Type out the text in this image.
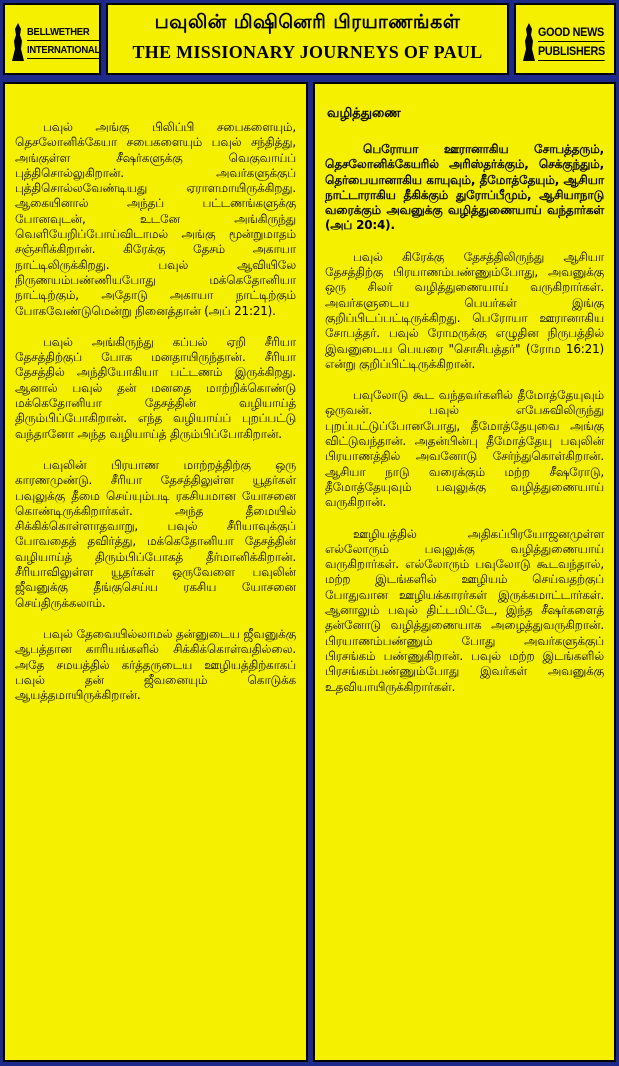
BELLWETHER
INTERNATIONAL
பவுலின் மிஷினெரி பிரயாணங்கள்
THE MISSIONARY JOURNEYS OF PAUL
GOOD NEWS
PUBLISHERS

பவுல் அங்கு பிலிப்பி சபைகளையும், தெசலோனிக்கேயா சபைகளையும் பவுல் சந்தித்து, அங்குள்ள சீஷர்களுக்கு வெகுவாய்ப் புத்திசொல்லுகிறான். அவர்களுக்குப் புத்திசொல்லவேண்டியது ஏராளமாயிருக்கிறது. ஆகையினால் அந்தப் பட்டணங்களுக்கு போனவுடன், உடனே அங்கிருந்து வெளியேறிப்போய்விடாமல் அங்கு மூன்றுமாதம் சஞ்சரிக்கிறான். கிரேக்கு தேசம் அகாயா நாட்டிலிருக்கிறது. பவுல் ஆவியிலே நிருணயம்பண்ணியபோது மக்கெதோனியா நாட்டிற்கும், அதோடு அகாயா நாட்டிற்கும் போகவேண்டுமென்று நினைத்தான் (அப் 21:21).

பவுல் அங்கிருந்து கப்பல் ஏறி சீரியா தேசத்திற்குப் போக மனதாயிருந்தான். சீரியா தேசத்தில் அந்தியோகியா பட்டணம் இருக்கிறது. ஆனால் பவுல் தன் மனதை மாற்றிக்கொண்டு மக்கெதோனியா தேசத்தின் வழியாய்த் திரும்பிப்போகிறான். எந்த வழியாய்ப் புறப்பட்டு வந்தானோ அந்த வழியாய்த் திரும்பிப்போகிறான்.

பவுலின் பிரயாண மாற்றத்திற்கு ஒரு காரணமுண்டு. சீரியா தேசத்திலுள்ள யூதர்கள் பவுலுக்கு தீமை செய்யும்படி ரகசியமான யோசனை கொண்டிருக்கிறார்கள். அந்த தீமையில் சிக்கிக்கொள்ளாதவாறு, பவுல் சீரியாவுக்குப் போவதைத் தவிர்த்து, மக்கெதோனியா தேசத்தின் வழியாய்த் திரும்பிப்போகத் தீர்மானிக்கிறான். சீரியாவிலுள்ள யூதர்கள் ஒருவேளை பவுலின் ஜீவனுக்கு தீங்குசெய்ய ரகசிய யோசனை செய்திருக்கலாம்.

பவுல் தேவையில்லாமல் தன்னுடைய ஜீவனுக்கு ஆபத்தான காரியங்களில் சிக்கிக்கொள்வதில்லை. அதே சமயத்தில் கர்த்தருடைய ஊழியத்திற்காகப் பவுல் தன் ஜீவனையும் கொடுக்க ஆயத்தமாயிருக்கிறான்.

வழித்துணை

பெரோயா ஊரானாகிய சோபத்தரும், தெசலோனிக்கேயரில் அரிஸ்தர்க்கும், செக்குந்தும், தெர்பையானாகிய காயுவும், தீமோத்தேயும், ஆசியா நாட்டாராகிய தீகிக்கும் துரோப்பீமும், ஆசியாநாடு வரைக்கும் அவனுக்கு வழித்துணையாய் வந்தார்கள் (அப் 20:4).

பவுல் கிரேக்கு தேசத்திலிருந்து ஆசியா தேசத்திற்கு பிரயாணம்பண்ணும்போது, அவனுக்கு ஒரு சிலர் வழித்துணையாய் வருகிறார்கள். அவர்களுடைய பெயர்கள் இங்கு குறிப்பிடப்பட்டிருக்கிறது. பெரோயா ஊரானாகிய சோபத்தர். பவுல் ரோமருக்கு எழுதின நிருபத்தில் இவனுடைய பெயரை "சொசிபத்தர்" (ரோம 16:21) என்று குறிப்பிட்டிருக்கிறான்.

பவுலோடு கூட வந்தவர்களில் தீமோத்தேயுவும் ஒருவன். பவுல் எபேசுவிலிருந்து புறப்பட்டுப்போனபோது, தீமோத்தேயுவை அங்கு விட்டுவந்தான். அதன்பின்பு தீமோத்தேயு பவுலின் பிரயாணத்தில் அவனோடு சேர்ந்துகொள்கிறான். ஆசியா நாடு வரைக்கும் மற்ற சீஷரோடு, தீமோத்தேயுவும் பவுலுக்கு வழித்துணையாய் வருகிறான்.

ஊழியத்தில் அதிகப்பிரயோஜனமுள்ள எல்லோரும் பவுலுக்கு வழித்துணையாய் வருகிறார்கள். எல்லோரும் பவுலோடு கூடவந்தால், மற்ற இடங்களில் ஊழியம் செய்வதற்குப் போதுவான ஊழியக்காரர்கள் இருக்கமாட்டார்கள். ஆனாலும் பவுல் திட்டமிட்டே, இந்த சீஷர்களைத் தன்னோடு வழித்துணையாக அழைத்துவருகிறான். பிரயாணம்பண்ணும் போது அவர்களுக்குப் பிரசங்கம் பண்ணுகிறான். பவுல் மற்ற இடங்களில் பிரசங்கம்பண்ணும்போது இவர்கள் அவனுக்கு உதவியாயிருக்கிறார்கள்.
